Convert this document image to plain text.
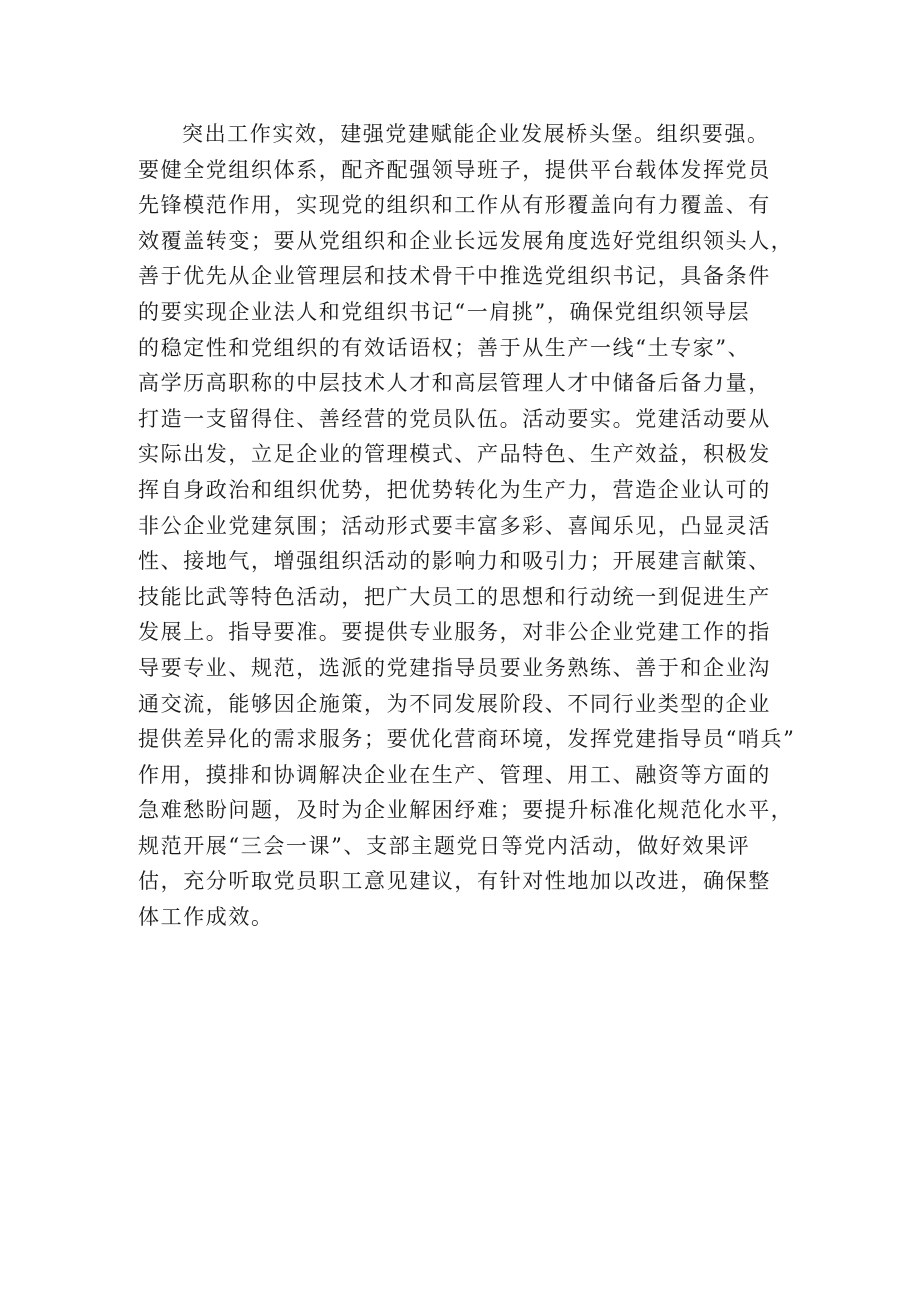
突出工作实效，建强党建赋能企业发展桥头堡。组织要强。
要健全党组织体系，配齐配强领导班子，提供平台载体发挥党员
先锋模范作用，实现党的组织和工作从有形覆盖向有力覆盖、有
效覆盖转变；要从党组织和企业长远发展角度选好党组织领头人，
善于优先从企业管理层和技术骨干中推选党组织书记，具备条件
的要实现企业法人和党组织书记“一肩挑”，确保党组织领导层
的稳定性和党组织的有效话语权；善于从生产一线“土专家”、
高学历高职称的中层技术人才和高层管理人才中储备后备力量，
打造一支留得住、善经营的党员队伍。活动要实。党建活动要从
实际出发，立足企业的管理模式、产品特色、生产效益，积极发
挥自身政治和组织优势，把优势转化为生产力，营造企业认可的
非公企业党建氛围；活动形式要丰富多彩、喜闻乐见，凸显灵活
性、接地气，增强组织活动的影响力和吸引力；开展建言献策、
技能比武等特色活动，把广大员工的思想和行动统一到促进生产
发展上。指导要准。要提供专业服务，对非公企业党建工作的指
导要专业、规范，选派的党建指导员要业务熟练、善于和企业沟
通交流，能够因企施策，为不同发展阶段、不同行业类型的企业
提供差异化的需求服务；要优化营商环境，发挥党建指导员“哨兵”
作用，摸排和协调解决企业在生产、管理、用工、融资等方面的
急难愁盼问题，及时为企业解困纾难；要提升标准化规范化水平，
规范开展“三会一课”、支部主题党日等党内活动，做好效果评
估，充分听取党员职工意见建议，有针对性地加以改进，确保整
体工作成效。
